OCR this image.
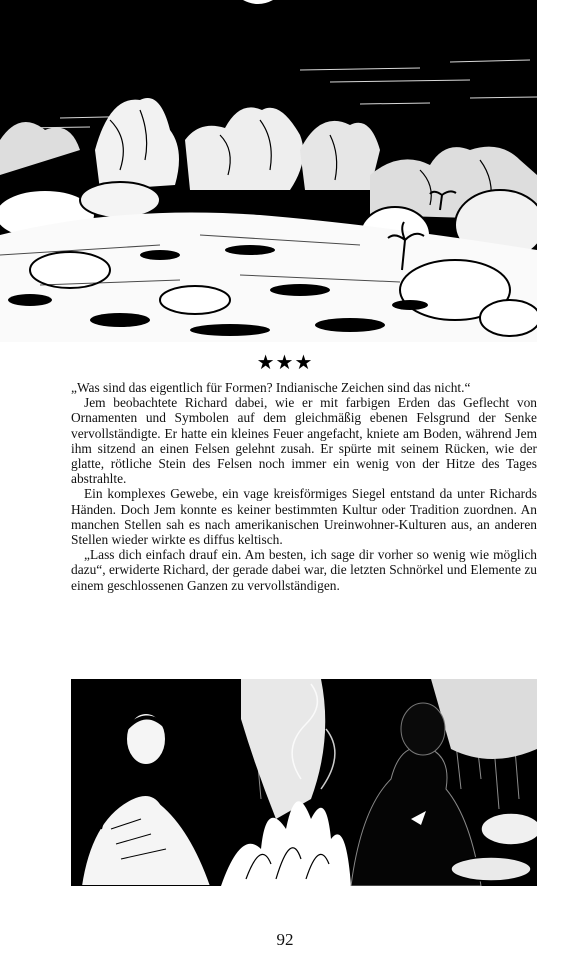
★★★

„Was sind das eigentlich für Formen? Indianische Zeichen sind das nicht.“

Jem beobachtete Richard dabei, wie er mit farbigen Erden das Geflecht von Ornamenten und Symbolen auf dem gleichmäßig ebenen Felsgrund der Senke vervollständigte. Er hatte ein kleines Feuer angefacht, kniete am Boden, während Jem ihm sitzend an einen Felsen gelehnt zusah. Er spürte mit seinem Rücken, wie der glatte, rötliche Stein des Felsen noch immer ein wenig von der Hitze des Tages abstrahlte.

Ein komplexes Gewebe, ein vage kreisförmiges Siegel entstand da unter Richards Händen. Doch Jem konnte es keiner bestimmten Kultur oder Tradition zuordnen. An manchen Stellen sah es nach amerikanischen Ureinwohner-Kulturen aus, an anderen Stellen wieder wirkte es diffus keltisch.

„Lass dich einfach drauf ein. Am besten, ich sage dir vorher so wenig wie möglich dazu“, erwiderte Richard, der gerade dabei war, die letzten Schnörkel und Elemente zu einem geschlossenen Ganzen zu vervollständigen.

92
